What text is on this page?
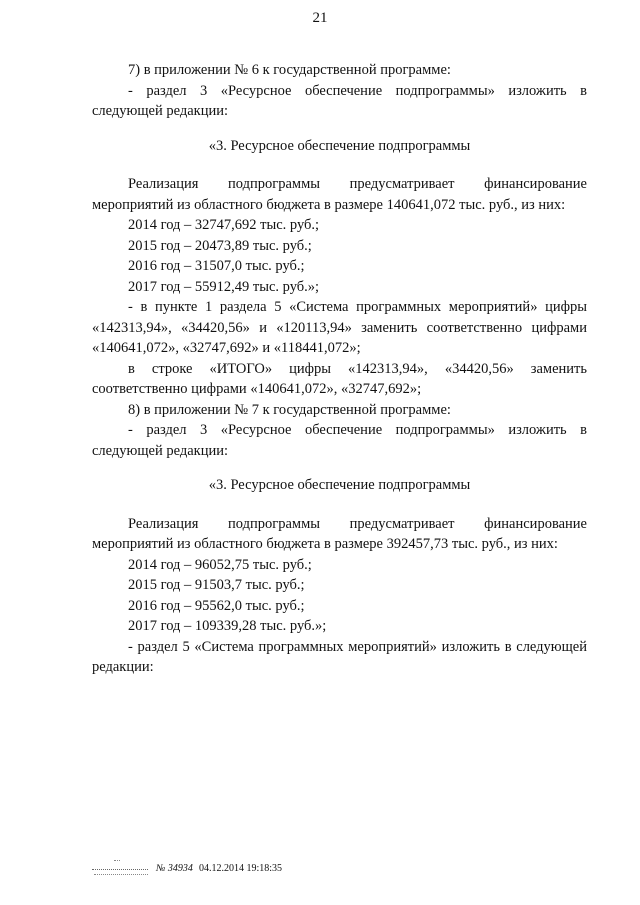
21

7) в приложении № 6 к государственной программе:

- раздел 3 «Ресурсное обеспечение подпрограммы» изложить в следующей редакции:

«3. Ресурсное обеспечение подпрограммы

Реализация подпрограммы предусматривает финансирование мероприятий из областного бюджета в размере 140641,072 тыс. руб., из них:

2014 год – 32747,692 тыс. руб.;

2015 год – 20473,89 тыс. руб.;

2016 год – 31507,0 тыс. руб.;

2017 год – 55912,49 тыс. руб.»;

- в пункте 1 раздела 5 «Система программных мероприятий» цифры «142313,94», «34420,56» и «120113,94» заменить соответственно цифрами «140641,072», «32747,692» и «118441,072»;

в строке «ИТОГО» цифры «142313,94», «34420,56» заменить соответственно цифрами «140641,072», «32747,692»;

8) в приложении № 7 к государственной программе:

- раздел 3 «Ресурсное обеспечение подпрограммы» изложить в следующей редакции:

«3. Ресурсное обеспечение подпрограммы

Реализация подпрограммы предусматривает финансирование мероприятий из областного бюджета в размере 392457,73 тыс. руб., из них:

2014 год – 96052,75 тыс. руб.;

2015 год – 91503,7 тыс. руб.;

2016 год – 95562,0 тыс. руб.;

2017 год – 109339,28 тыс. руб.»;

- раздел 5 «Система программных мероприятий» изложить в следующей редакции:

№ 34934 04.12.2014 19:18:35
